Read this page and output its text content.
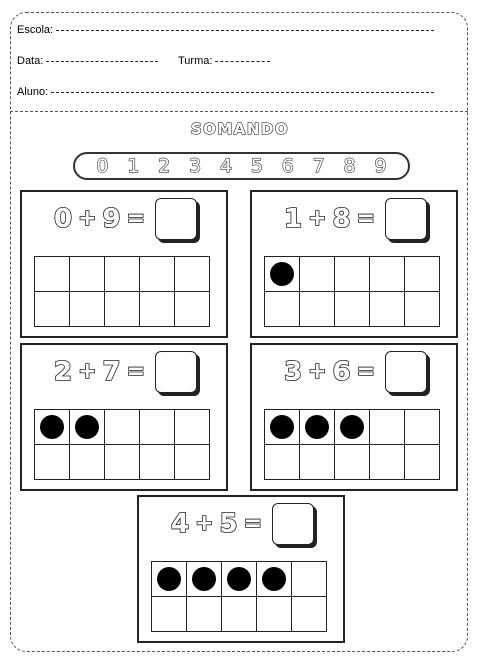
Escola:
Data:	Turma:
Aluno:
SOMANDO
0 1 2 3 4 5 6 7 8 9
0 + 9 =

					1 + 8 =

2 + 7 =

					3 + 6 =

4 + 5 =
